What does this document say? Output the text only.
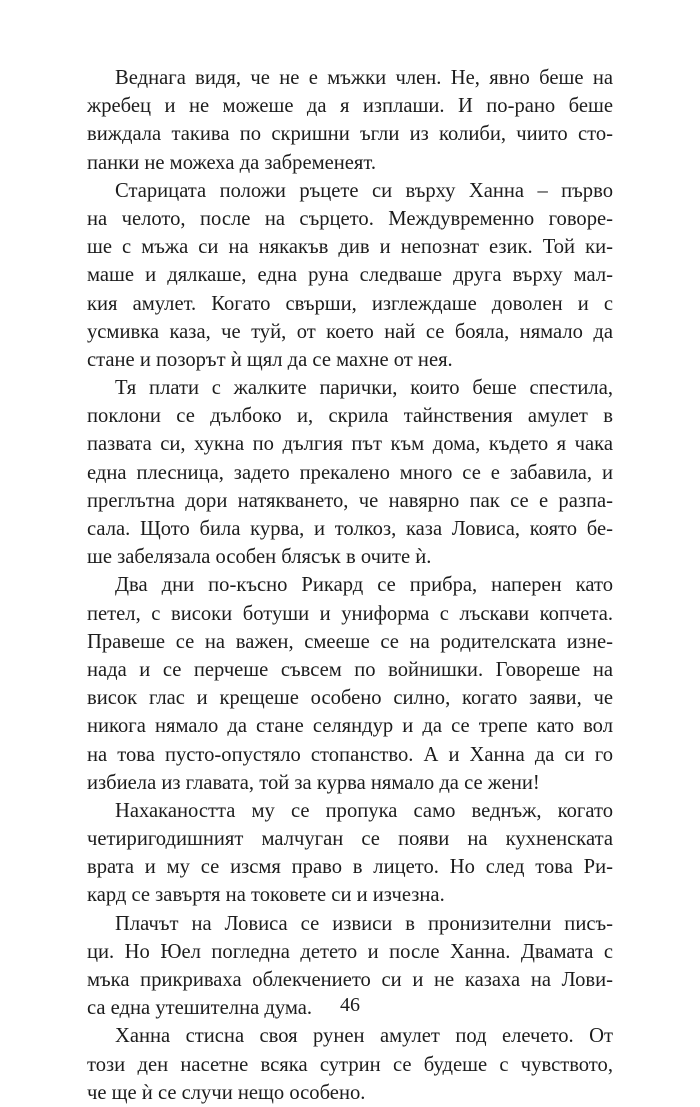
Веднага видя, че не е мъжки член. Не, явно беше на
жребец и не можеше да я изплаши. И по-рано беше
виждала такива по скришни ъгли из колиби, чиито сто-
панки не можеха да забременеят.

Старицата положи ръцете си върху Ханна – първо
на челото, после на сърцето. Междувременно говоре-
ше с мъжа си на някакъв див и непознат език. Той ки-
маше и дялкаше, една руна следваше друга върху мал-
кия амулет. Когато свърши, изглеждаше доволен и с
усмивка каза, че туй, от което най се бояла, нямало да
стане и позорът ѝ щял да се махне от нея.

Тя плати с жалките парички, които беше спестила,
поклони се дълбоко и, скрила тайнствения амулет в
пазвата си, хукна по дългия път към дома, където я чака
една плесница, задето прекалено много се е забавила, и
преглътна дори натякването, че навярно пак се е разпа-
сала. Щото била курва, и толкоз, каза Ловиса, която бе-
ше забелязала особен блясък в очите ѝ.

Два дни по-късно Рикард се прибра, наперен като
петел, с високи ботуши и униформа с лъскави копчета.
Правеше се на важен, смееше се на родителската изне-
нада и се перчеше съвсем по войнишки. Говореше на
висок глас и крещеше особено силно, когато заяви, че
никога нямало да стане селяндур и да се трепе като вол
на това пусто-опустяло стопанство. А и Ханна да си го
избиела из главата, той за курва нямало да се жени!

Нахакаността му се пропука само веднъж, когато
четиригодишният малчуган се появи на кухненската
врата и му се изсмя право в лицето. Но след това Ри-
кард се завъртя на токовете си и изчезна.

Плачът на Ловиса се извиси в пронизителни писъ-
ци. Но Юел погледна детето и после Ханна. Двамата с
мъка прикриваха облекчението си и не казаха на Лови-
са една утешителна дума.

Ханна стисна своя рунен амулет под елечето. От
този ден насетне всяка сутрин се будеше с чувството,
че ще ѝ се случи нещо особено.

46
